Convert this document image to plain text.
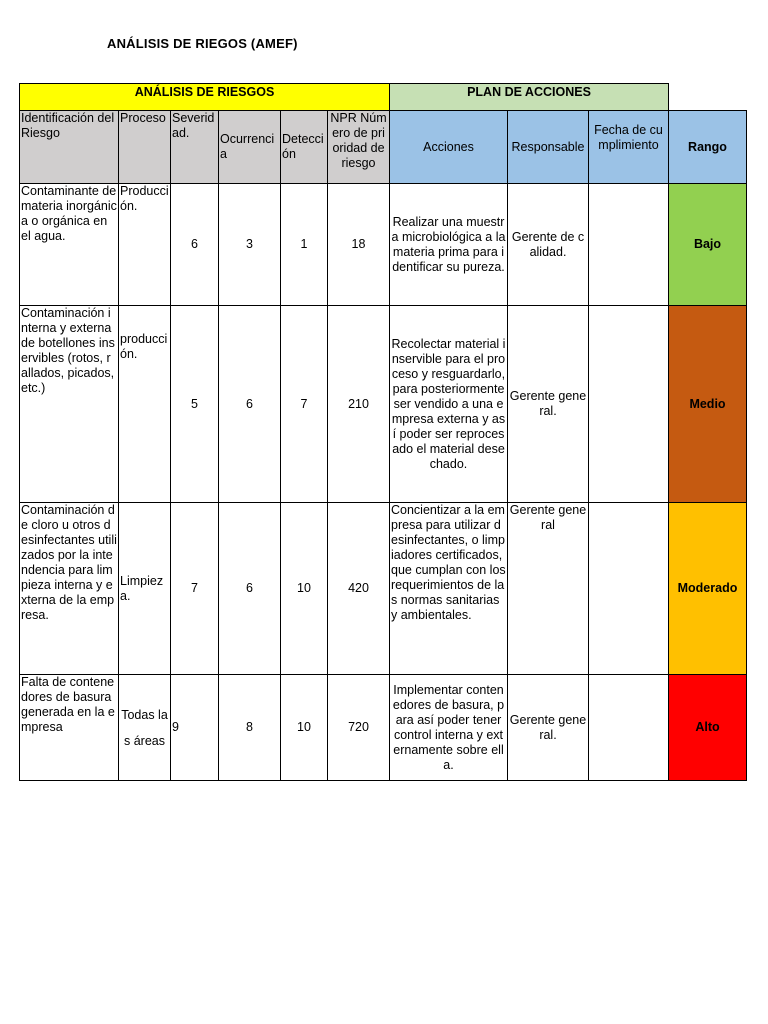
ANÁLISIS DE RIEGOS (AMEF)
ANÁLISIS DE RIESGOS						PLAN DE ACCIONES			
Identificación del Riesgo	Proceso	Severidad.	Ocurrencia	Detección	NPR Número de prioridad de riesgo	Acciones	Responsable	Fecha de cumplimiento	Rango
Contaminante de materia inorgánica o orgánica en el agua.	Producción.	6	3	1	18	Realizar una muestra microbiológica a la materia prima para identificar su pureza.	Gerente de calidad.		Bajo
Contaminación interna y externa de botellones inservibles (rotos, rallados, picados, etc.)	producción.	5	6	7	210	Recolectar material inservible para el proceso y resguardarlo, para posteriormente ser vendido a una empresa externa y así poder ser reprocesado el material desechado.	Gerente general.		Medio
Contaminación de cloro u otros desinfectantes utilizados por la intendencia para limpieza interna y externa de la empresa.	Limpieza.	7	6	10	420	Concientizar a la empresa para utilizar desinfectantes, o limpiadores certificados, que cumplan con los requerimientos de las normas sanitarias y ambientales.	Gerente general		Moderado
Falta de contenedores de basura generada en la empresa	Todas las áreas	9	8	10	720	Implementar contenedores de basura, para así poder tener control interna y externamente sobre ella.	Gerente general.		Alto
